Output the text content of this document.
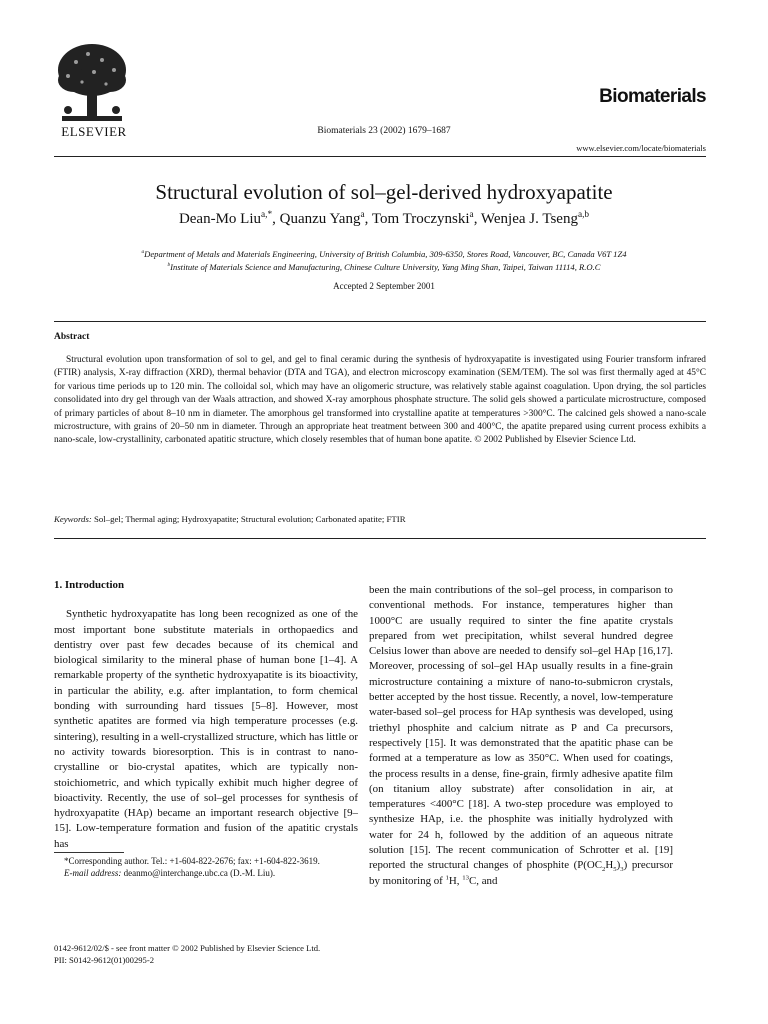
ELSEVIER	Biomaterials 23 (2002) 1679–1687
Biomaterials
www.elsevier.com/locate/biomaterials
Structural evolution of sol–gel-derived hydroxyapatite
Dean-Mo Liu$^{a,*}$, Quanzu Yang$^a$, Tom Troczynski$^a$, Wenjea J. Tseng$^{a,b}$
$^a$Department of Metals and Materials Engineering, University of British Columbia, 309-6350, Stores Road, Vancouver, BC, Canada V6T 1Z4
$^b$Institute of Materials Science and Manufacturing, Chinese Culture University, Yang Ming Shan, Taipei, Taiwan 11114, R.O.C
Accepted 2 September 2001
Abstract

Structural evolution upon transformation of sol to gel, and gel to final ceramic during the synthesis of hydroxyapatite is investigated using Fourier transform infrared (FTIR) analysis, X-ray diffraction (XRD), thermal behavior (DTA and TGA), and electron microscopy examination (SEM/TEM). The sol was first thermally aged at 45°C for various time periods up to 120 min. The colloidal sol, which may have an oligomeric structure, was relatively stable against coagulation. Upon drying, the sol particles consolidated into dry gel through van der Waals attraction, and showed X-ray amorphous phosphate structure. The solid gels showed a particulate microstructure, composed of primary particles of about 8–10 nm in diameter. The amorphous gel transformed into crystalline apatite at temperatures >300°C. The calcined gels showed a nano-scale microstructure, with grains of 20–50 nm in diameter. Through an appropriate heat treatment between 300 and 400°C, the apatite prepared using current process exhibits a nano-scale, low-crystallinity, carbonated apatitic structure, which closely resembles that of human bone apatite. © 2002 Published by Elsevier Science Ltd.

Keywords: Sol–gel; Thermal aging; Hydroxyapatite; Structural evolution; Carbonated apatite; FTIR
1. Introduction

Synthetic hydroxyapatite has long been recognized as one of the most important bone substitute materials in orthopaedics and dentistry over past few decades because of its chemical and biological similarity to the mineral phase of human bone [1–4]. A remarkable property of the synthetic hydroxyapatite is its bioactivity, in particular the ability, e.g. after implantation, to form chemical bonding with surrounding hard tissues [5–8]. However, most synthetic apatites are formed via high temperature processes (e.g. sintering), resulting in a well-crystallized structure, which has little or no activity towards bioresorption. This is in contrast to nano-crystalline or bio-crystal apatites, which are typically non-stoichiometric, and which typically exhibit much higher degree of bioactivity. Recently, the use of sol–gel processes for synthesis of hydroxyapatite (HAp) became an important research objective [9–15]. Low-temperature formation and fusion of the apatitic crystals has

been the main contributions of the sol–gel process, in comparison to conventional methods. For instance, temperatures higher than 1000°C are usually required to sinter the fine apatite crystals prepared from wet precipitation, whilst several hundred degree Celsius lower than above are needed to densify sol–gel HAp [16,17]. Moreover, processing of sol–gel HAp usually results in a fine-grain microstructure containing a mixture of nano-to-submicron crystals, better accepted by the host tissue. Recently, a novel, low-temperature water-based sol–gel process for HAp synthesis was developed, using triethyl phosphite and calcium nitrate as P and Ca precursors, respectively [15]. It was demonstrated that the apatitic phase can be formed at a temperature as low as 350°C. When used for coatings, the process results in a dense, fine-grain, firmly adhesive apatite film (on titanium alloy substrate) after consolidation in air, at temperatures <400°C [18]. A two-step procedure was employed to synthesize HAp, i.e. the phosphite was initially hydrolyzed with water for 24 h, followed by the addition of an aqueous nitrate solution [15]. The recent communication of Schrotter et al. [19] reported the structural changes of phosphite $(P(OC_2H_5)_3)$ precursor by monitoring of $^1$H, $^{13}$C, and

*Corresponding author. Tel.: +1-604-822-2676; fax: +1-604-822-3619.

E-mail address: deanmo@interchange.ubc.ca (D.-M. Liu).

0142-9612/02/$ - see front matter © 2002 Published by Elsevier Science Ltd.
PII: S0142-9612(01)00295-2
